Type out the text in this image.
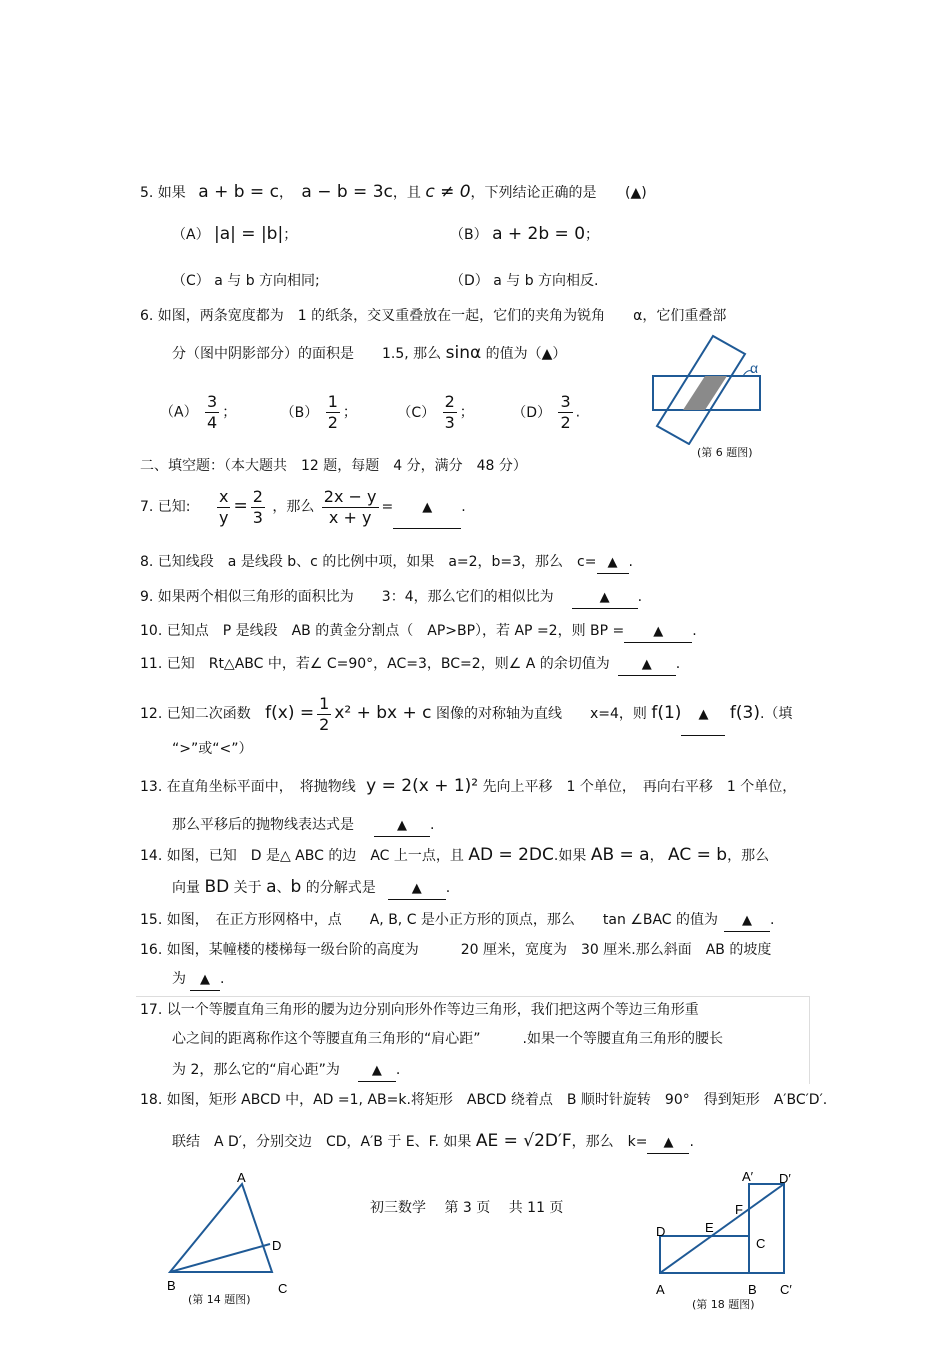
5. 如果 a + b = c， a − b = 3c，且 c ≠ 0，下列结论正确的是 (▲)
（A） |a| = |b|；	（B） a + 2b = 0；
（C） a 与 b 方向相同;	（D） a 与 b 方向相反.
6. 如图，两条宽度都为　1 的纸条，交叉重叠放在一起，它们的夹角为锐角　　α，它们重叠部
分（图中阴影部分）的面积是　　1.5, 那么 sinα 的值为（▲）
$(A) \frac{3}{4}$ ；	$(B) \frac{1}{2}$ ；	$(C) \frac{2}{3}$ ； $(D) \frac{3}{2}$ .
α
(第 6 题图)
二、填空题：（本大题共　12 题，每题　4 分，满分　48 分）
7. 已知: $\frac{x}{y} = \frac{2}{3}$ ，那么 $\frac{2x - y}{x + y}$ = ▲ .
8. 已知线段　a 是线段 b、c 的比例中项，如果　a=2，b=3，那么　c= ▲ .
9. 如果两个相似三角形的面积比为　　3：4，那么它们的相似比为	▲ .
10. 已知点　P 是线段　AB 的黄金分割点（　AP>BP），若 AP =2，则 BP = ▲ .
11. 已知　Rt△ABC 中，若∠ C=90°，AC=3，BC=2，则∠ A 的余切值为 ▲ .
12. 已知二次函数 $f(x) = \frac{1}{2} x^2$ + bx + c 图像的对称轴为直线　　x=4，则 f(1) ▲ f(3).（填
“>”或“<”）
13. 在直角坐标平面中，　将抛物线 y = 2(x + 1)² 先向上平移　1 个单位，　再向右平移　1 个单位，
那么平移后的抛物线表达式是	▲ .
14. 如图，已知　D 是△ ABC 的边　AC 上一点，且 AD = 2DC.如果 AB = a， AC = b，那么
向量 BD 关于 a、b 的分解式是	▲ .
15. 如图，　在正方形网格中，点　　A, B, C 是小正方形的顶点，那么　　tan ∠BAC 的值为 ▲ .
16. 如图，某幢楼的楼梯每一级台阶的高度为　　　20 厘米，宽度为　30 厘米.那么斜面　AB 的坡度
为 ▲ .
17. 以一个等腰直角三角形的腰为边分别向形外作等边三角形，我们把这两个等边三角形重
心之间的距离称作这个等腰直角三角形的“肩心距”　　　.如果一个等腰直角三角形的腰长
为 2，那么它的“肩心距”为 ▲ .
18. 如图，矩形 ABCD 中，AD =1, AB=k.将矩形　ABCD 绕着点　B 顺时针旋转　90°　得到矩形　A′BC′D′.
联结　A D′，分别交边　CD，A′B 于 E、F. 如果 AE = √2D′F，那么　k= ▲ .
初三数学　 第 3 页　 共 11 页
A
B	C
D
(第 14 题图)
A	B
C
D	E
F
A′ D′
C′
(第 18 题图)
